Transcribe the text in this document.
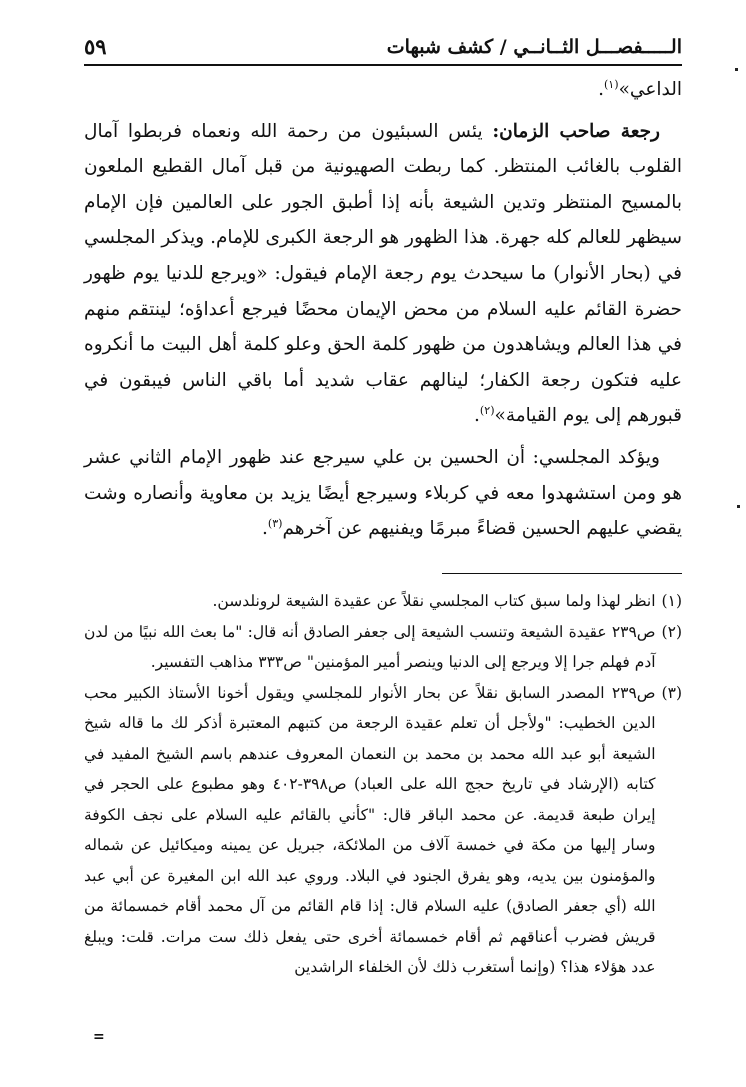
الـــــفصـــل الثــانــي / كشف شبهات
٥٩

الداعي»$^{(١)}$.

رجعة صاحب الزمان: يئس السبئيون من رحمة الله ونعماه فربطوا آمال القلوب بالغائب المنتظر. كما ربطت الصهيونية من قبل آمال القطيع الملعون بالمسيح المنتظر وتدين الشيعة بأنه إذا أطبق الجور على العالمين فإن الإمام سيظهر للعالم كله جهرة. هذا الظهور هو الرجعة الكبرى للإمام. ويذكر المجلسي في (بحار الأنوار) ما سيحدث يوم رجعة الإمام فيقول: «ويرجع للدنيا يوم ظهور حضرة القائم عليه السلام من محض الإيمان محضًا فيرجع أعداؤه؛ لينتقم منهم في هذا العالم ويشاهدون من ظهور كلمة الحق وعلو كلمة أهل البيت ما أنكروه عليه فتكون رجعة الكفار؛ لينالهم عقاب شديد أما باقي الناس فيبقون في قبورهم إلى يوم القيامة»$^{(٢)}$.

ويؤكد المجلسي: أن الحسين بن علي سيرجع عند ظهور الإمام الثاني عشر هو ومن استشهدوا معه في كربلاء وسيرجع أيضًا يزيد بن معاوية وأنصاره وشت يقضي عليهم الحسين قضاءً مبرمًا ويفنيهم عن آخرهم$^{(٣)}$.

(١)
انظر لهذا ولما سبق كتاب المجلسي نقلاً عن عقيدة الشيعة لرونلدسن.
(٢)
ص٢٣٩ عقيدة الشيعة وتنسب الشيعة إلى جعفر الصادق أنه قال: "ما بعث الله نبيًا من لدن آدم فهلم جرا إلا ويرجع إلى الدنيا وينصر أمير المؤمنين" ص٣٣٣ مذاهب التفسير.
(٣)
ص٢٣٩ المصدر السابق نقلاً عن بحار الأنوار للمجلسي ويقول أخونا الأستاذ الكبير محب الدين الخطيب: "ولأجل أن تعلم عقيدة الرجعة من كتبهم المعتبرة أذكر لك ما قاله شيخ الشيعة أبو عبد الله محمد بن محمد بن النعمان المعروف عندهم باسم الشيخ المفيد في كتابه (الإرشاد في تاريخ حجج الله على العباد) ص٣٩٨-٤٠٢ وهو مطبوع على الحجر في إيران طبعة قديمة. عن محمد الباقر قال: "كأني بالقائم عليه السلام على نجف الكوفة وسار إليها من مكة في خمسة آلاف من الملائكة، جبريل عن يمينه وميكائيل عن شماله والمؤمنون بين يديه، وهو يفرق الجنود في البلاد. وروي عبد الله ابن المغيرة عن أبي عبد الله (أي جعفر الصادق) عليه السلام قال: إذا قام القائم من آل محمد أقام خمسمائة من قريش فضرب أعناقهم ثم أقام خمسمائة أخرى حتى يفعل ذلك ست مرات. قلت: ويبلغ عدد هؤلاء هذا؟ (وإنما أستغرب ذلك لأن الخلفاء الراشدين
=
